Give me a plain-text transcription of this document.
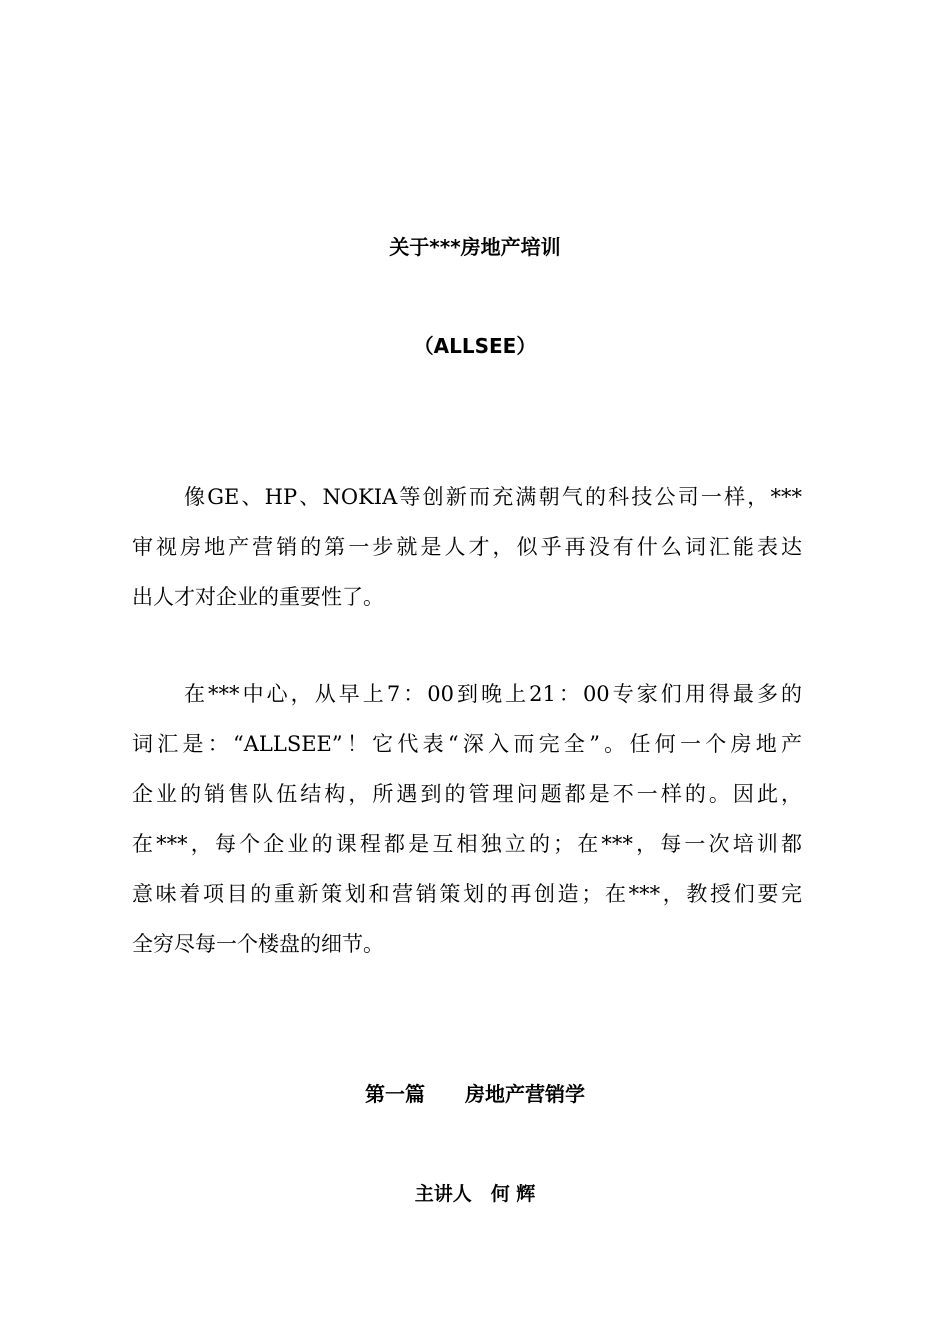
关于***房地产培训
（ALLSEE）
像GE、HP、NOKIA等创新而充满朝气的科技公司一样，***
审视房地产营销的第一步就是人才，似乎再没有什么词汇能表达
出人才对企业的重要性了。
在***中心，从早上7：00到晚上21：00专家们用得最多的
词汇是：“ALLSEE”！它代表“深入而完全”。任何一个房地产
企业的销售队伍结构，所遇到的管理问题都是不一样的。因此，
在***，每个企业的课程都是互相独立的；在***，每一次培训都
意味着项目的重新策划和营销策划的再创造；在***，教授们要完
全穷尽每一个楼盘的细节。
第一篇　　房地产营销学
主讲人　何 辉
